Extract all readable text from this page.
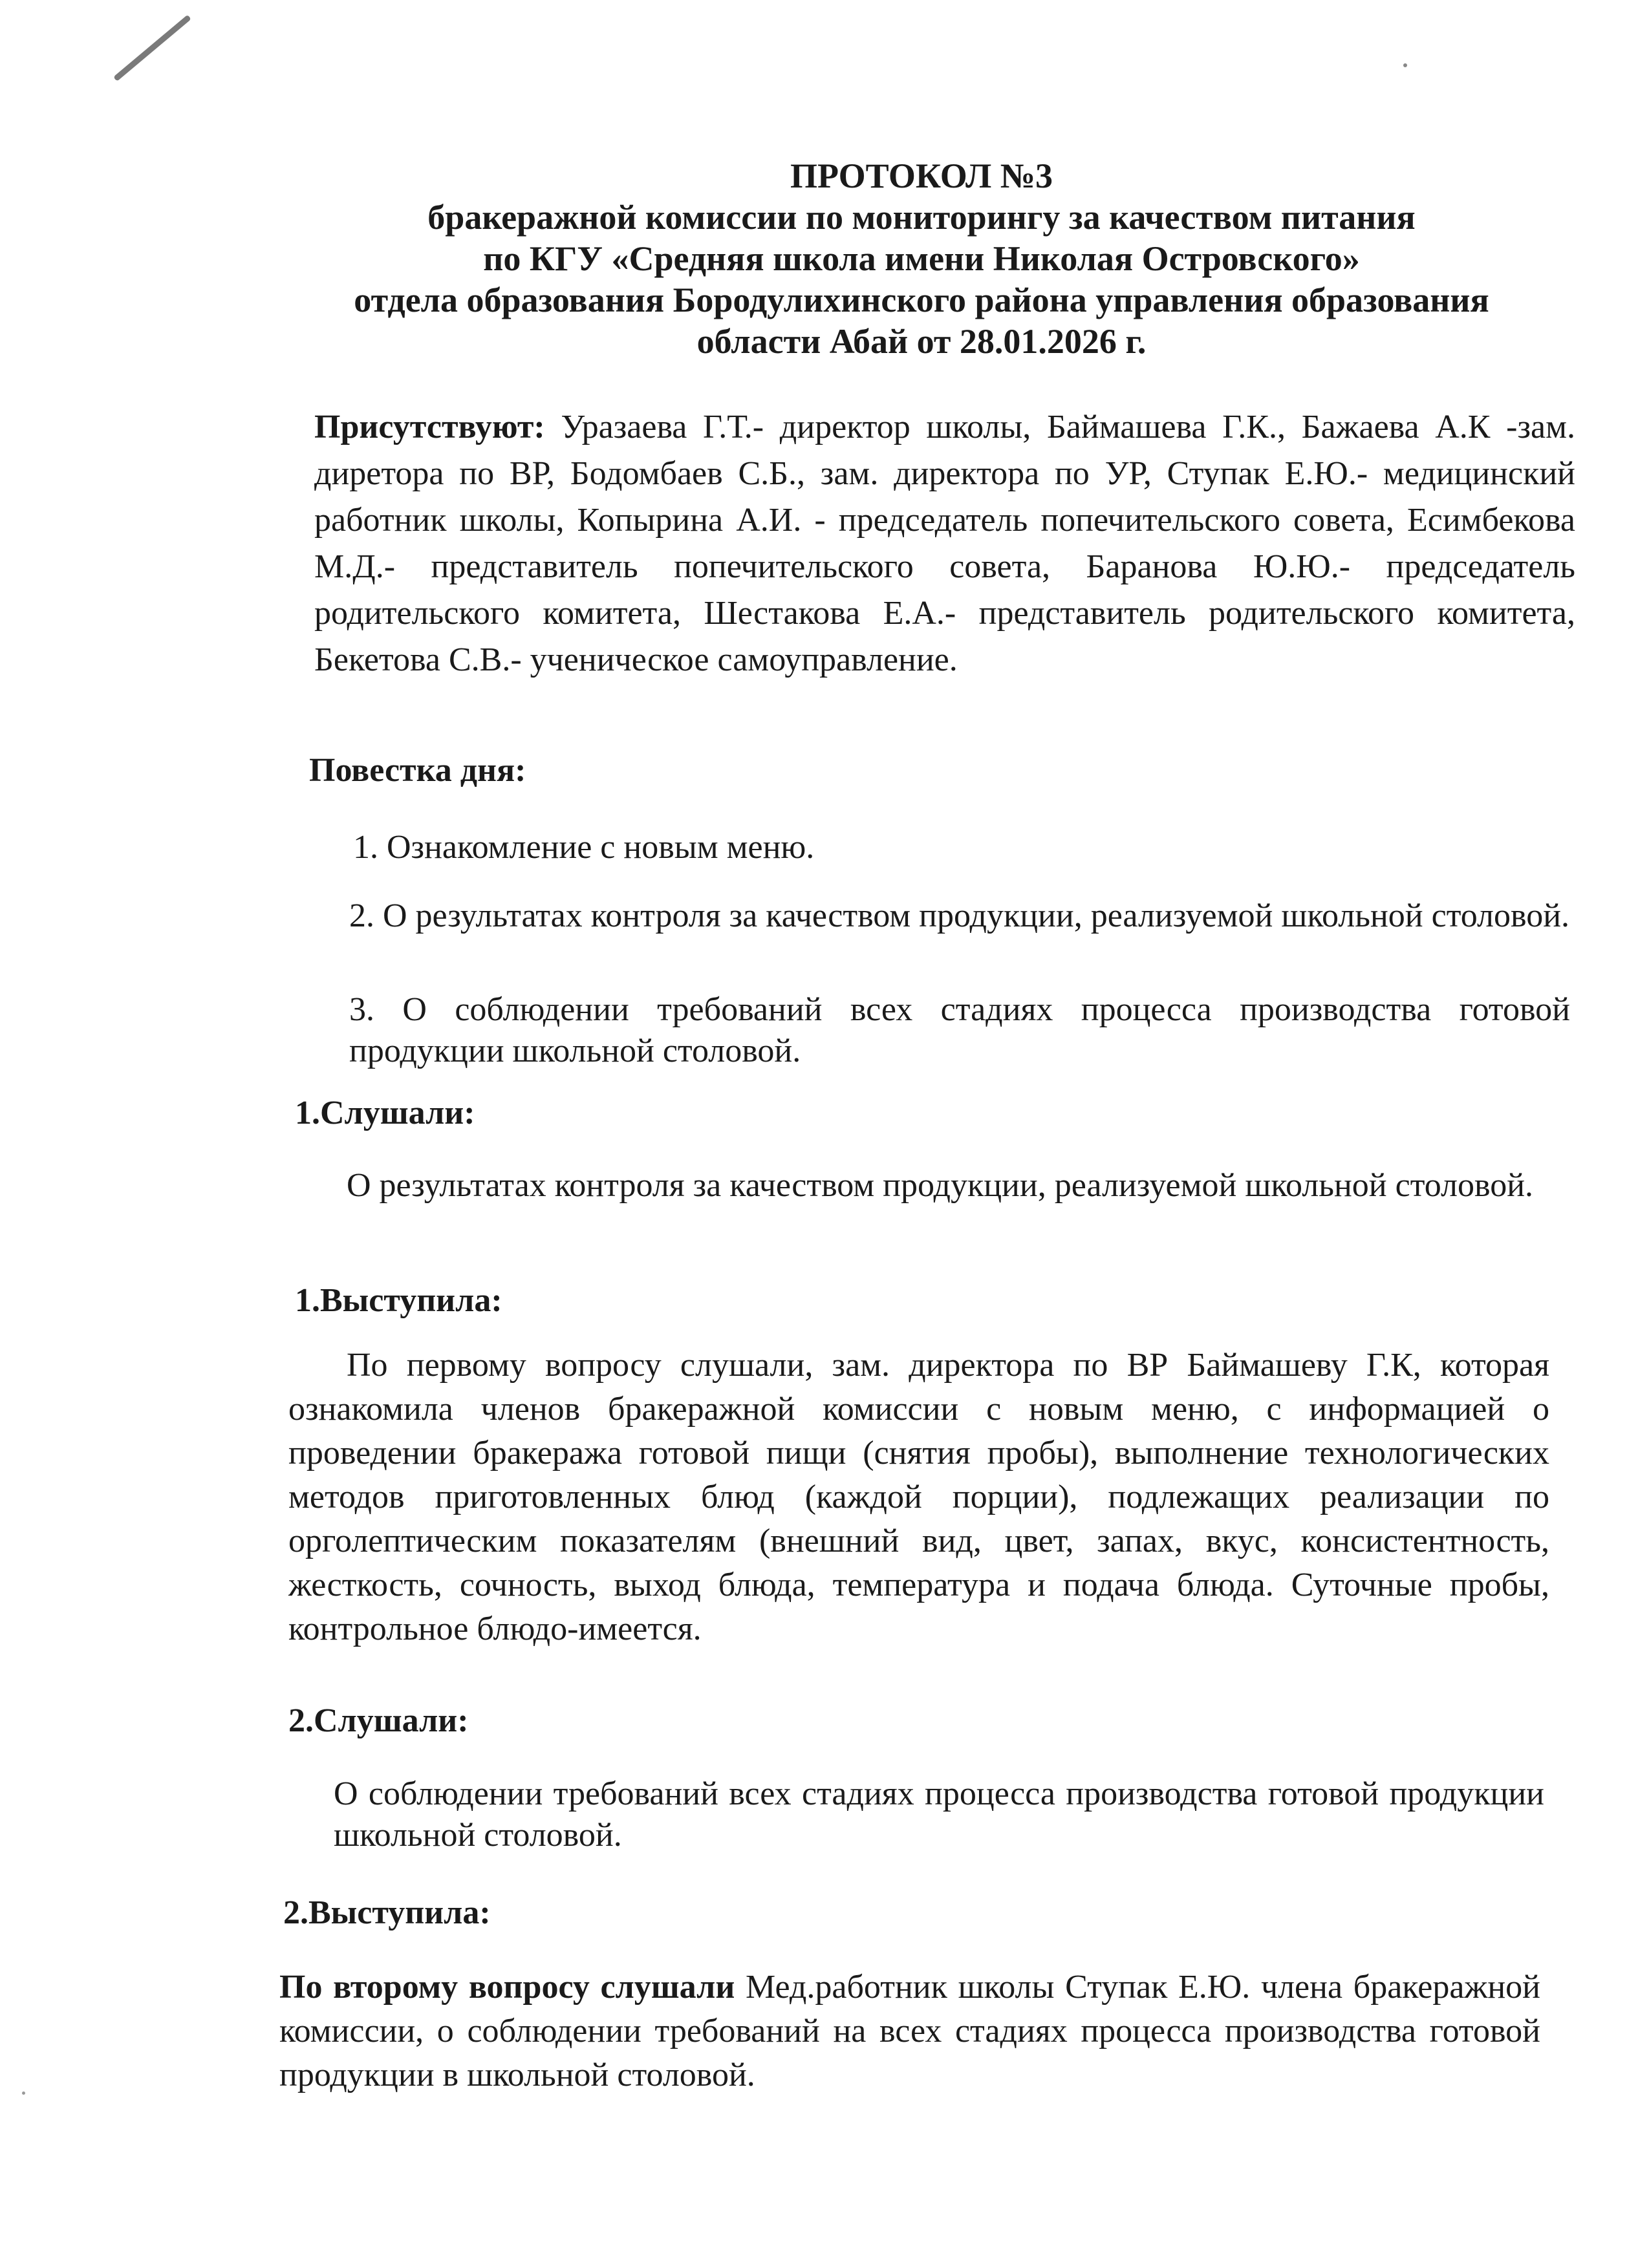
ПРОТОКОЛ №3
бракеражной комиссии по мониторингу за качеством питания
по КГУ «Средняя школа имени Николая Островского»
отдела образования Бородулихинского района управления образования
области Абай от 28.01.2026 г.
Присутствуют: Уразаева Г.Т.- директор школы, Баймашева Г.К., Бажаева А.К -зам. диретора по ВР, Бодомбаев С.Б., зам. директора по УР, Ступак Е.Ю.- медицинский работник школы, Копырина А.И. - председатель попечительского совета, Есимбекова М.Д.- представитель попечительского совета, Баранова Ю.Ю.- председатель родительского комитета, Шестакова Е.А.- представитель родительского комитета, Бекетова С.В.- ученическое самоуправление.
Повестка дня:
1. Ознакомление с новым меню.
2. О результатах контроля за качеством продукции, реализуемой школьной столовой.
3. О соблюдении требований всех стадиях процесса производства готовой продукции школьной столовой.
1.Слушали:
О результатах контроля за качеством продукции, реализуемой школьной столовой.
1.Выступила:
По первому вопросу слушали, зам. директора по ВР Баймашеву Г.К, которая ознакомила членов бракеражной комиссии с новым меню, с информацией о проведении бракеража готовой пищи (снятия пробы), выполнение технологических методов приготовленных блюд (каждой порции), подлежащих реализации по орголептическим показателям (внешний вид, цвет, запах, вкус, консистентность, жесткость, сочность, выход блюда, температура и подача блюда. Суточные пробы, контрольное блюдо-имеется.
2.Слушали:
О соблюдении требований всех стадиях процесса производства готовой продукции школьной столовой.
2.Выступила:
По второму вопросу слушали Мед.работник школы Ступак Е.Ю. члена бракеражной комиссии, о соблюдении требований на всех стадиях процесса производства готовой продукции в школьной столовой.
